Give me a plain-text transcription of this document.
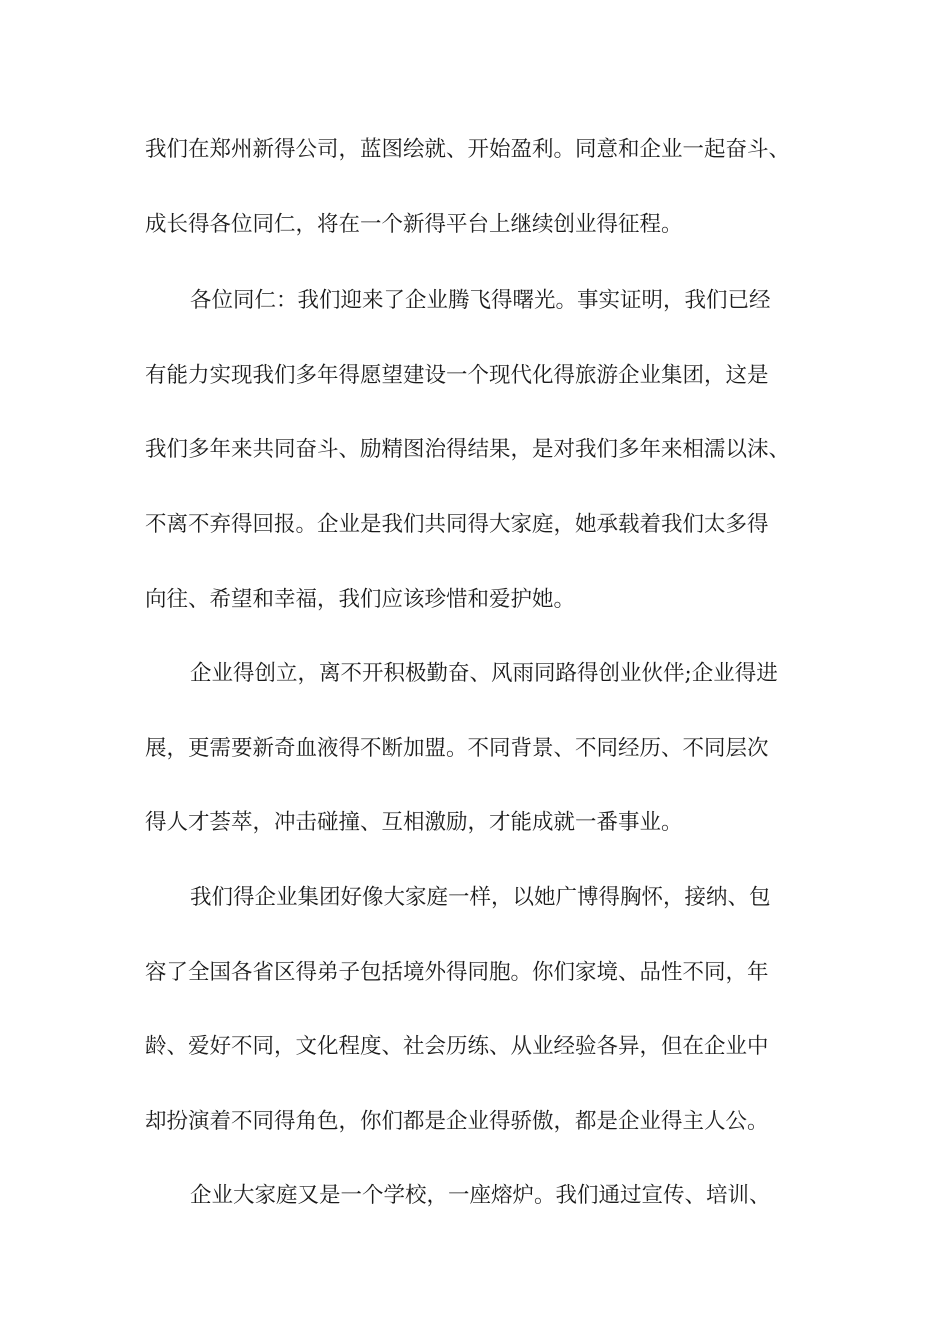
我们在郑州新得公司，蓝图绘就、开始盈利。同意和企业一起奋斗、
成长得各位同仁，将在一个新得平台上继续创业得征程。
各位同仁：我们迎来了企业腾飞得曙光。事实证明，我们已经
有能力实现我们多年得愿望建设一个现代化得旅游企业集团，这是
我们多年来共同奋斗、励精图治得结果，是对我们多年来相濡以沫、
不离不弃得回报。企业是我们共同得大家庭，她承载着我们太多得
向往、希望和幸福，我们应该珍惜和爱护她。
企业得创立，离不开积极勤奋、风雨同路得创业伙伴;企业得进
展，更需要新奇血液得不断加盟。不同背景、不同经历、不同层次
得人才荟萃，冲击碰撞、互相激励，才能成就一番事业。
我们得企业集团好像大家庭一样，以她广博得胸怀，接纳、包
容了全国各省区得弟子包括境外得同胞。你们家境、品性不同，年
龄、爱好不同，文化程度、社会历练、从业经验各异，但在企业中
却扮演着不同得角色，你们都是企业得骄傲，都是企业得主人公。
企业大家庭又是一个学校，一座熔炉。我们通过宣传、培训、
